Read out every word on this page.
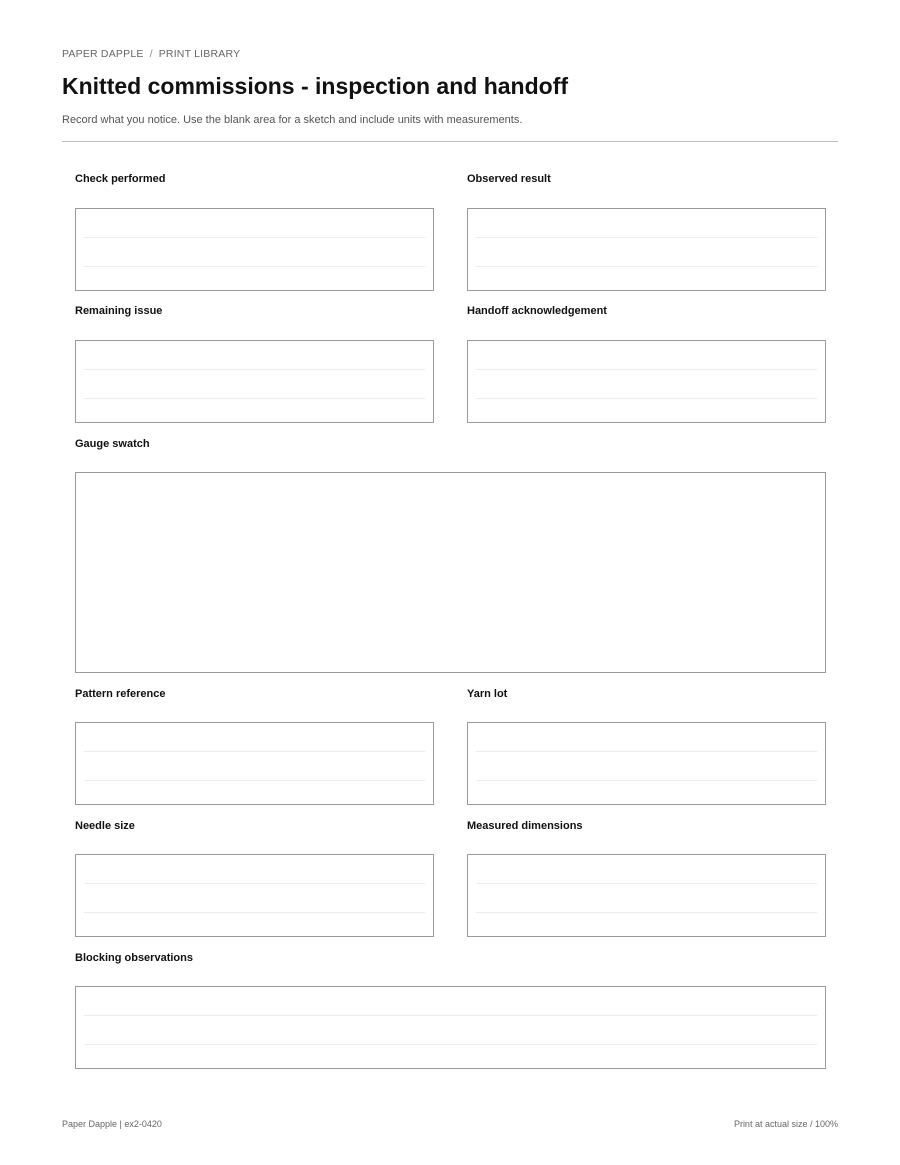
PAPER DAPPLE / PRINT LIBRARY
Knitted commissions - inspection and handoff

Record what you notice. Use the blank area for a sketch and include units with measurements.

Check performed	Observed result
Remaining issue	Handoff acknowledgement
Gauge swatch
Pattern reference	Yarn lot
Needle size	Measured dimensions
Blocking observations
Paper Dapple | ex2-0420	Print at actual size / 100%
